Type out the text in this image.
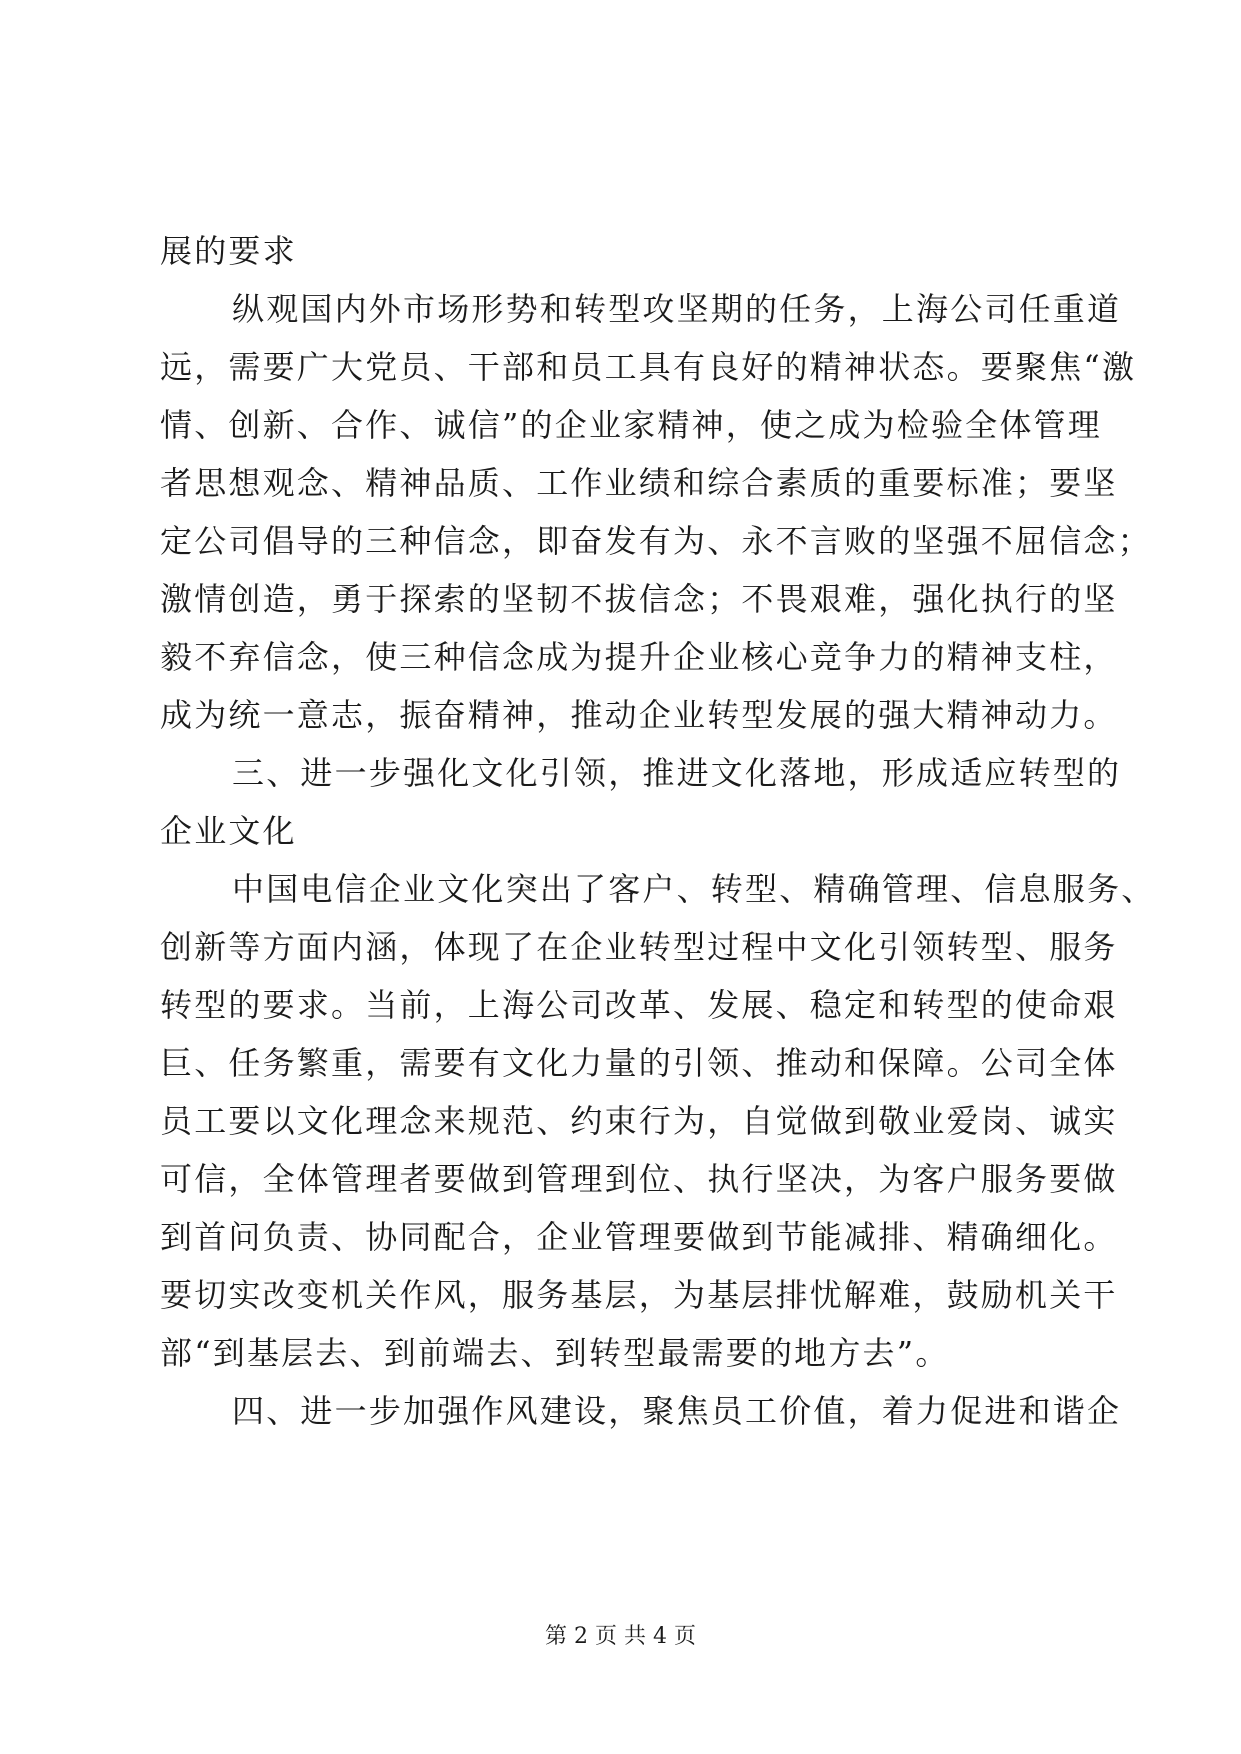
展的要求
纵观国内外市场形势和转型攻坚期的任务，上海公司任重道
远，需要广大党员、干部和员工具有良好的精神状态。要聚焦“激
情、创新、合作、诚信”的企业家精神，使之成为检验全体管理
者思想观念、精神品质、工作业绩和综合素质的重要标准；要坚
定公司倡导的三种信念，即奋发有为、永不言败的坚强不屈信念；
激情创造，勇于探索的坚韧不拔信念；不畏艰难，强化执行的坚
毅不弃信念，使三种信念成为提升企业核心竞争力的精神支柱，
成为统一意志，振奋精神，推动企业转型发展的强大精神动力。
三、进一步强化文化引领，推进文化落地，形成适应转型的
企业文化
中国电信企业文化突出了客户、转型、精确管理、信息服务、
创新等方面内涵，体现了在企业转型过程中文化引领转型、服务
转型的要求。当前，上海公司改革、发展、稳定和转型的使命艰
巨、任务繁重，需要有文化力量的引领、推动和保障。公司全体
员工要以文化理念来规范、约束行为，自觉做到敬业爱岗、诚实
可信，全体管理者要做到管理到位、执行坚决，为客户服务要做
到首问负责、协同配合，企业管理要做到节能减排、精确细化。
要切实改变机关作风，服务基层，为基层排忧解难，鼓励机关干
部“到基层去、到前端去、到转型最需要的地方去”。
四、进一步加强作风建设，聚焦员工价值，着力促进和谐企
第 2 页 共 4 页
